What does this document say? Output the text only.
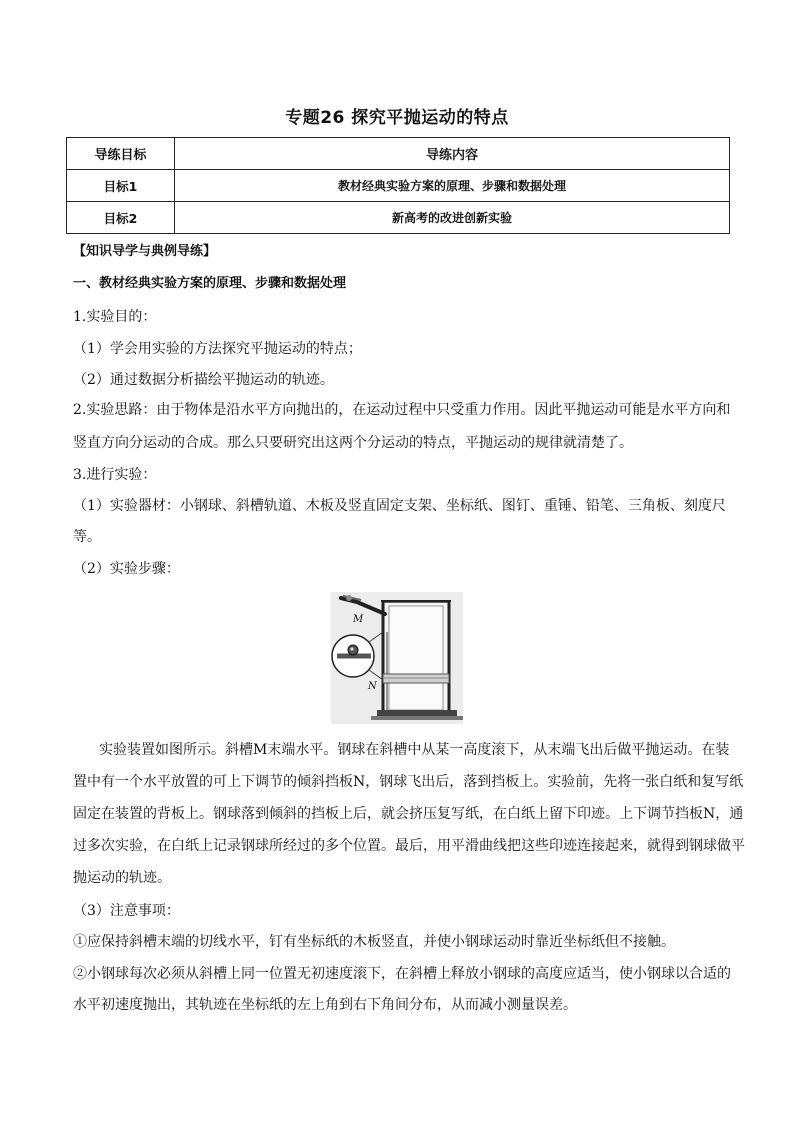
专题26 探究平抛运动的特点
导练目标	导练内容
目标1	教材经典实验方案的原理、步骤和数据处理
目标2	新高考的改进创新实验
【知识导学与典例导练】
一、教材经典实验方案的原理、步骤和数据处理
1.实验目的：
（1）学会用实验的方法探究平抛运动的特点；
（2）通过数据分析描绘平抛运动的轨迹。
2.实验思路：由于物体是沿水平方向抛出的，在运动过程中只受重力作用。因此平抛运动可能是水平方向和
竖直方向分运动的合成。那么只要研究出这两个分运动的特点，平抛运动的规律就清楚了。
3.进行实验：
（1）实验器材：小钢球、斜槽轨道、木板及竖直固定支架、坐标纸、图钉、重锤、铅笔、三角板、刻度尺
等。
（2）实验步骤：
M
N
实验装置如图所示。斜槽M末端水平。钢球在斜槽中从某一高度滚下，从末端飞出后做平抛运动。在装
置中有一个水平放置的可上下调节的倾斜挡板N，钢球飞出后，落到挡板上。实验前，先将一张白纸和复写纸
固定在装置的背板上。钢球落到倾斜的挡板上后，就会挤压复写纸，在白纸上留下印迹。上下调节挡板N，通
过多次实验，在白纸上记录钢球所经过的多个位置。最后，用平滑曲线把这些印迹连接起来，就得到钢球做平
抛运动的轨迹。
（3）注意事项：
①应保持斜槽末端的切线水平，钉有坐标纸的木板竖直，并使小钢球运动时靠近坐标纸但不接触。
②小钢球每次必须从斜槽上同一位置无初速度滚下，在斜槽上释放小钢球的高度应适当，使小钢球以合适的
水平初速度抛出，其轨迹在坐标纸的左上角到右下角间分布，从而减小测量误差。
